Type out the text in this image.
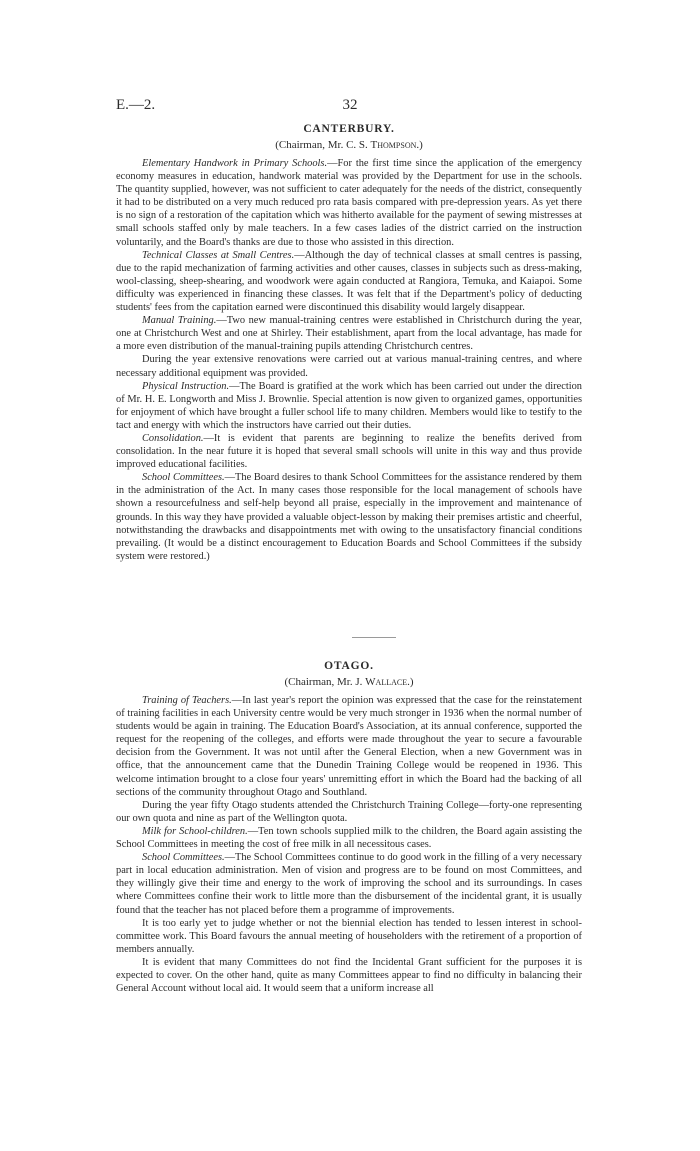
E.—2.	32
CANTERBURY.
(Chairman, Mr. C. S. Thompson.)

Elementary Handwork in Primary Schools.—For the first time since the application of the emergency economy measures in education, handwork material was provided by the Department for use in the schools. The quantity supplied, however, was not sufficient to cater adequately for the needs of the district, consequently it had to be distributed on a very much reduced pro rata basis compared with pre-depression years. As yet there is no sign of a restoration of the capitation which was hitherto available for the payment of sewing mistresses at small schools staffed only by male teachers. In a few cases ladies of the district carried on the instruction voluntarily, and the Board's thanks are due to those who assisted in this direction.

Technical Classes at Small Centres.—Although the day of technical classes at small centres is passing, due to the rapid mechanization of farming activities and other causes, classes in subjects such as dress-making, wool-classing, sheep-shearing, and woodwork were again conducted at Rangiora, Temuka, and Kaiapoi. Some difficulty was experienced in financing these classes. It was felt that if the Department's policy of deducting students' fees from the capitation earned were discontinued this disability would largely disappear.

Manual Training.—Two new manual-training centres were established in Christchurch during the year, one at Christchurch West and one at Shirley. Their establishment, apart from the local advantage, has made for a more even distribution of the manual-training pupils attending Christchurch centres.

During the year extensive renovations were carried out at various manual-training centres, and where necessary additional equipment was provided.

Physical Instruction.—The Board is gratified at the work which has been carried out under the direction of Mr. H. E. Longworth and Miss J. Brownlie. Special attention is now given to organized games, opportunities for enjoyment of which have brought a fuller school life to many children. Members would like to testify to the tact and energy with which the instructors have carried out their duties.

Consolidation.—It is evident that parents are beginning to realize the benefits derived from consolidation. In the near future it is hoped that several small schools will unite in this way and thus provide improved educational facilities.

School Committees.—The Board desires to thank School Committees for the assistance rendered by them in the administration of the Act. In many cases those responsible for the local management of schools have shown a resourcefulness and self-help beyond all praise, especially in the improvement and maintenance of grounds. In this way they have provided a valuable object-lesson by making their premises artistic and cheerful, notwithstanding the drawbacks and disappointments met with owing to the unsatisfactory financial conditions prevailing. (It would be a distinct encouragement to Education Boards and School Committees if the subsidy system were restored.)

OTAGO.
(Chairman, Mr. J. Wallace.)

Training of Teachers.—In last year's report the opinion was expressed that the case for the reinstatement of training facilities in each University centre would be very much stronger in 1936 when the normal number of students would be again in training. The Education Board's Association, at its annual conference, supported the request for the reopening of the colleges, and efforts were made throughout the year to secure a favourable decision from the Government. It was not until after the General Election, when a new Government was in office, that the announcement came that the Dunedin Training College would be reopened in 1936. This welcome intimation brought to a close four years' unremitting effort in which the Board had the backing of all sections of the community throughout Otago and Southland.

During the year fifty Otago students attended the Christchurch Training College—forty-one representing our own quota and nine as part of the Wellington quota.

Milk for School-children.—Ten town schools supplied milk to the children, the Board again assisting the School Committees in meeting the cost of free milk in all necessitous cases.

School Committees.—The School Committees continue to do good work in the filling of a very necessary part in local education administration. Men of vision and progress are to be found on most Committees, and they willingly give their time and energy to the work of improving the school and its surroundings. In cases where Committees confine their work to little more than the disbursement of the incidental grant, it is usually found that the teacher has not placed before them a programme of improvements.

It is too early yet to judge whether or not the biennial election has tended to lessen interest in school-committee work. This Board favours the annual meeting of householders with the retirement of a proportion of members annually.

It is evident that many Committees do not find the Incidental Grant sufficient for the purposes it is expected to cover. On the other hand, quite as many Committees appear to find no difficulty in balancing their General Account without local aid. It would seem that a uniform increase all
